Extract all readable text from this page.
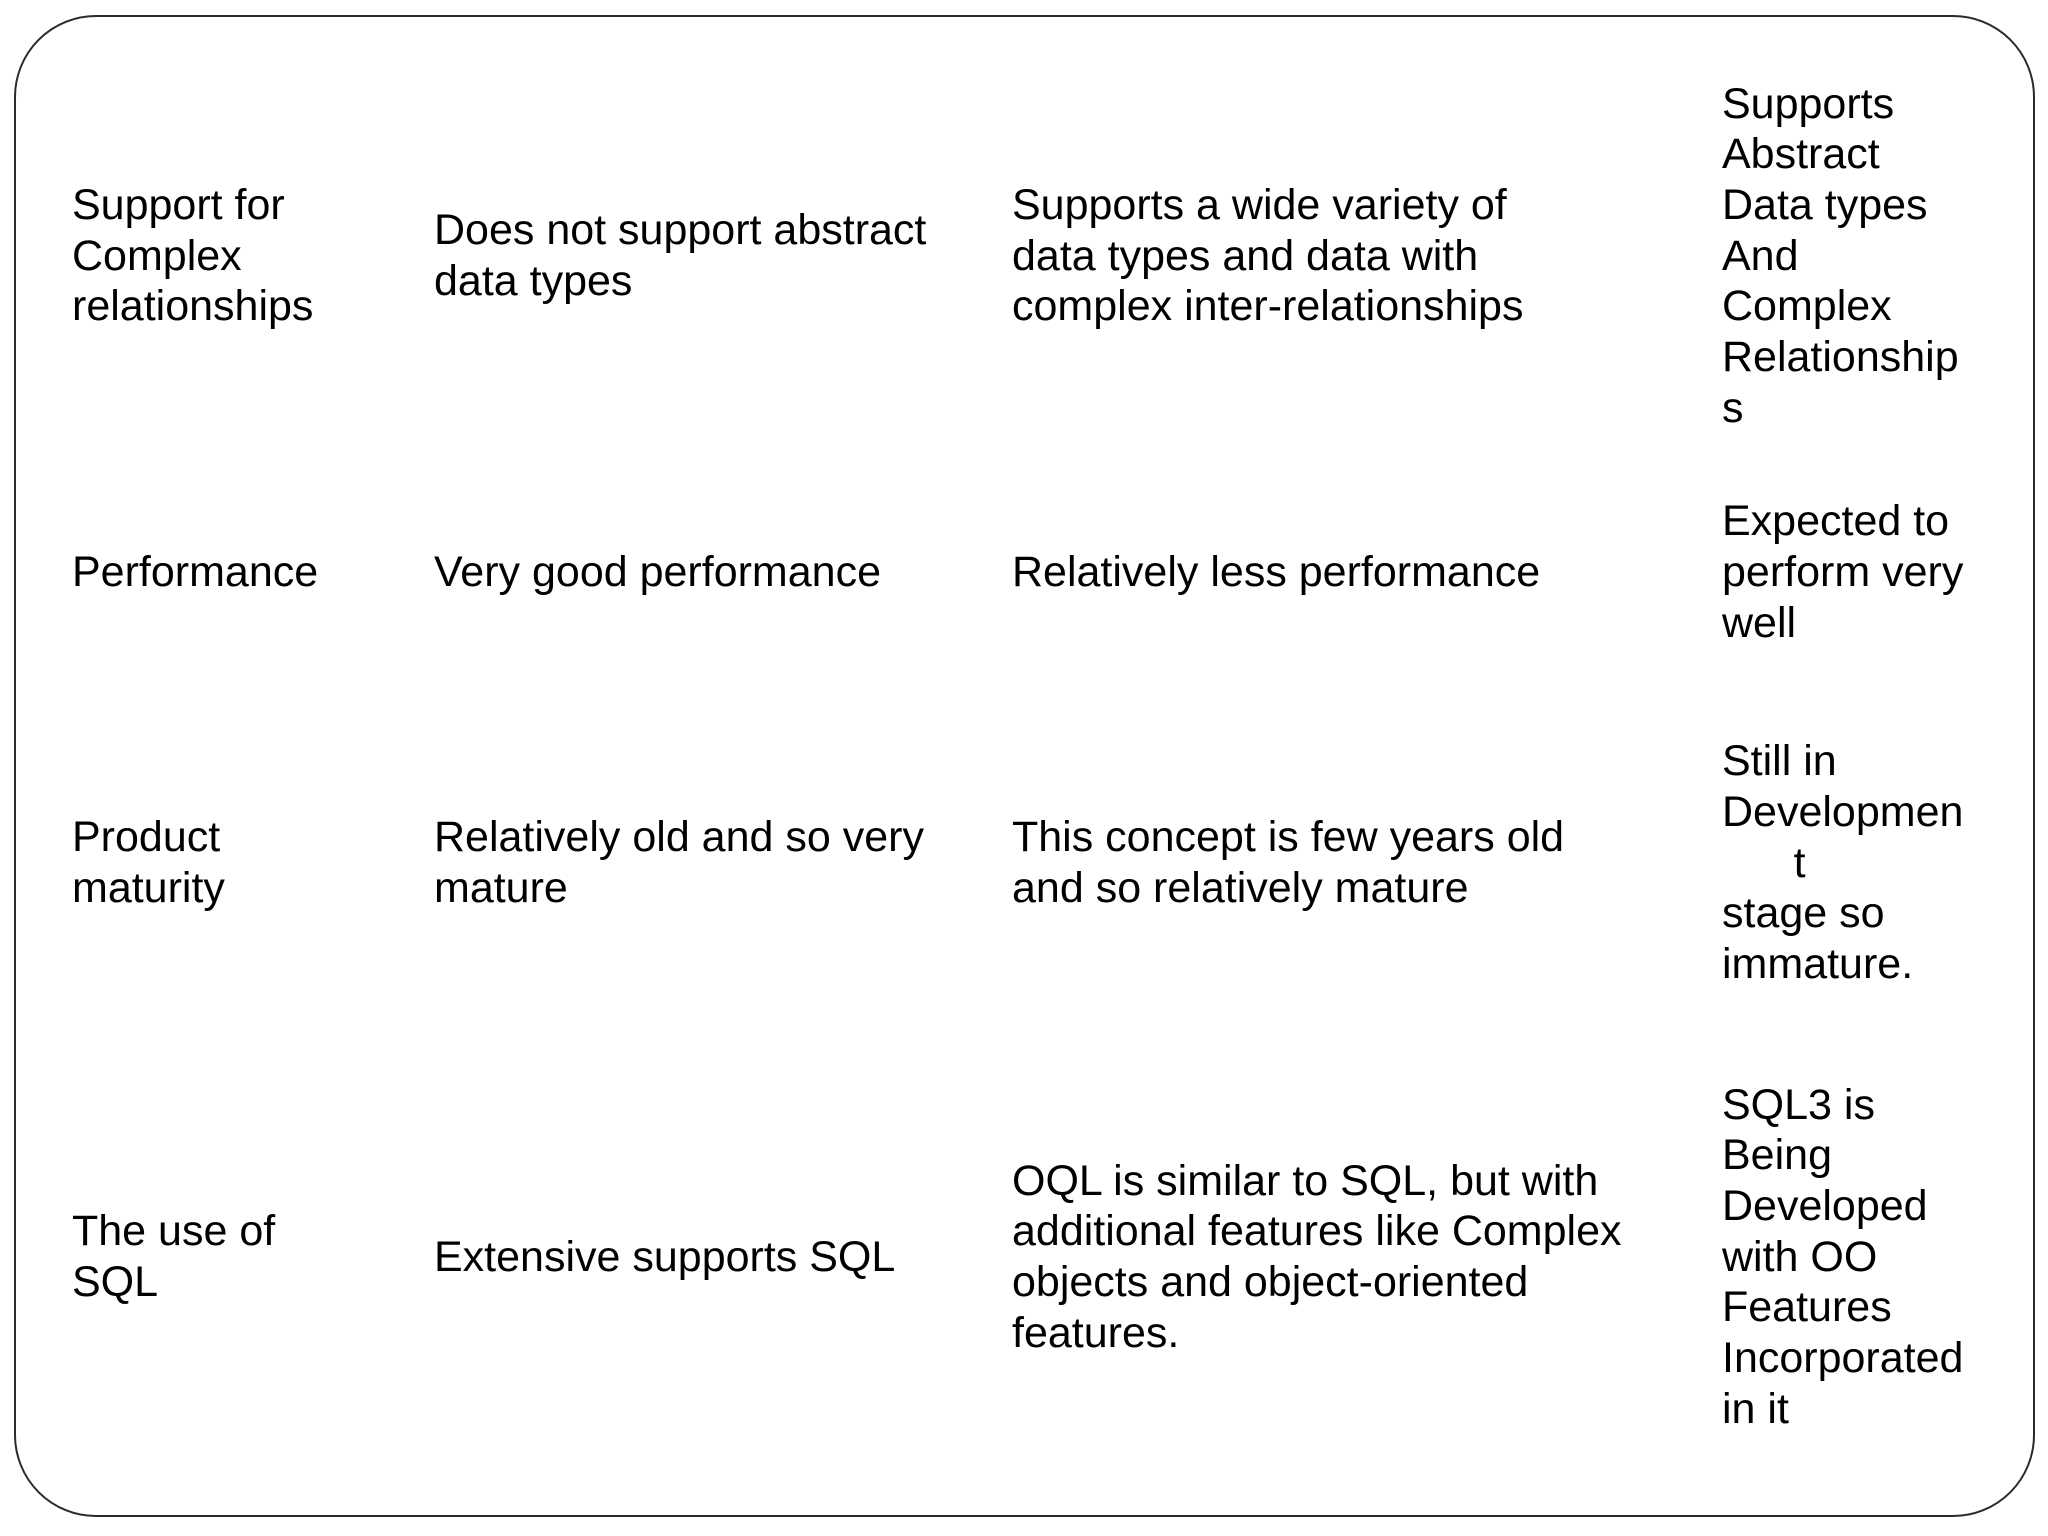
Support for
Complex
relationships
Does not support abstract
data types
Supports a wide variety of
data types and data with
complex inter-relationships
Supports
Abstract
Data types
And
Complex
Relationship
s
Performance	Very good performance	Relatively less performance
Expected to
perform very
well
Product
maturity
Relatively old and so very
mature
This concept is few years old
and so relatively mature
Still in
Developmen
t
stage so
immature.
The use of
SQL
Extensive supports SQL
OQL is similar to SQL, but with
additional features like Complex
objects and object-oriented
features.
SQL3 is
Being
Developed
with OO
Features
Incorporated
in it
